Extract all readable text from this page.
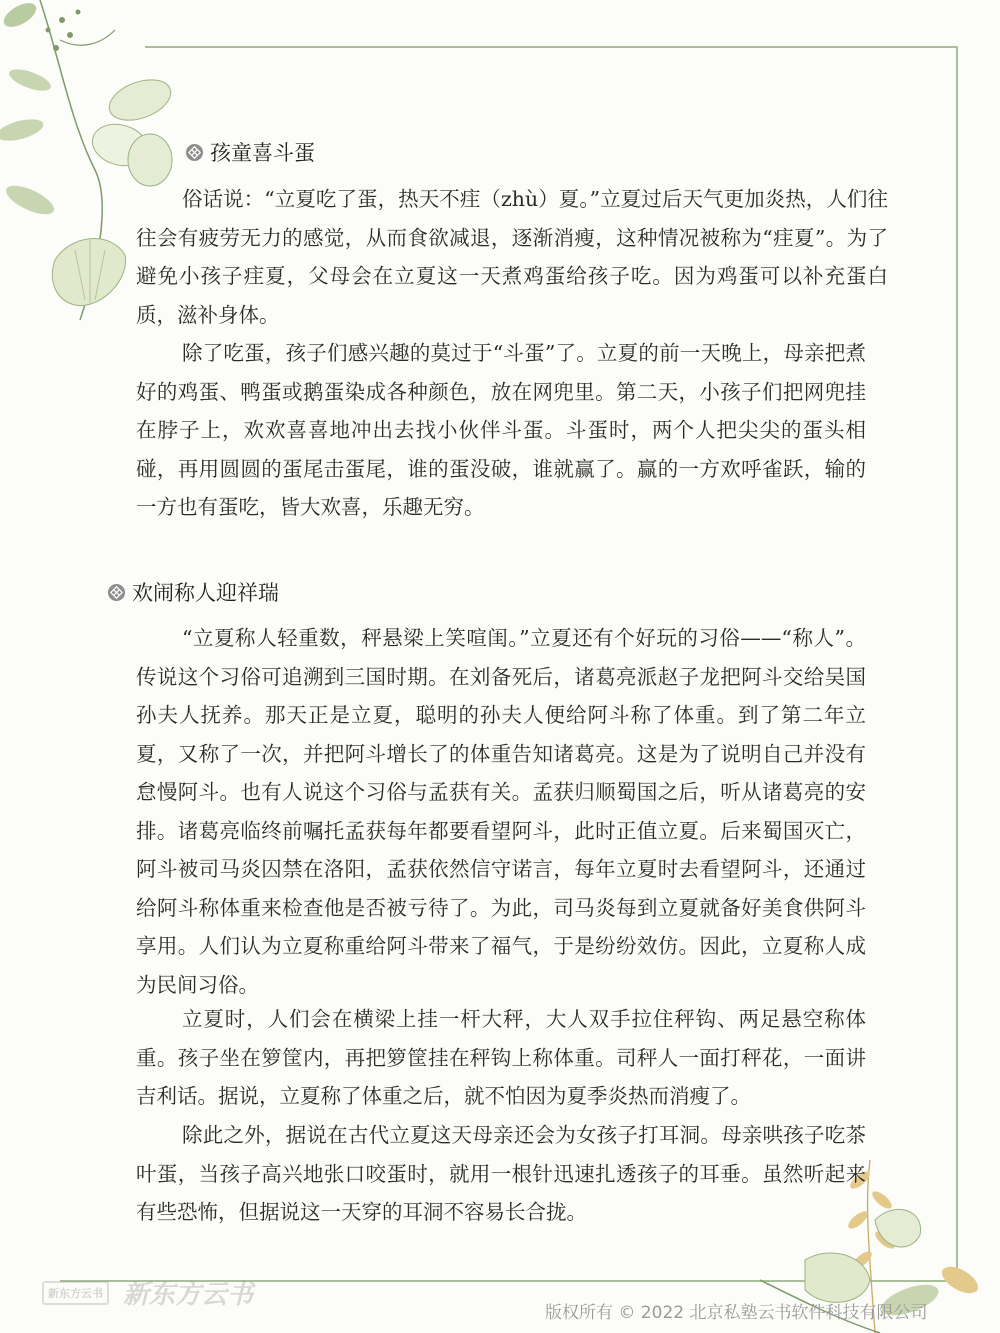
孩童喜斗蛋

俗话说：“立夏吃了蛋，热天不疰（zhù）夏。”立夏过后天气更加炎热，人们往往会有疲劳无力的感觉，从而食欲减退，逐渐消瘦，这种情况被称为“疰夏”。为了避免小孩子疰夏，父母会在立夏这一天煮鸡蛋给孩子吃。因为鸡蛋可以补充蛋白质，滋补身体。

除了吃蛋，孩子们感兴趣的莫过于“斗蛋”了。立夏的前一天晚上，母亲把煮好的鸡蛋、鸭蛋或鹅蛋染成各种颜色，放在网兜里。第二天，小孩子们把网兜挂在脖子上，欢欢喜喜地冲出去找小伙伴斗蛋。斗蛋时，两个人把尖尖的蛋头相碰，再用圆圆的蛋尾击蛋尾，谁的蛋没破，谁就赢了。赢的一方欢呼雀跃，输的一方也有蛋吃，皆大欢喜，乐趣无穷。

欢闹称人迎祥瑞

“立夏称人轻重数，秤悬梁上笑喧闺。”立夏还有个好玩的习俗——“称人”。传说这个习俗可追溯到三国时期。在刘备死后，诸葛亮派赵子龙把阿斗交给吴国孙夫人抚养。那天正是立夏，聪明的孙夫人便给阿斗称了体重。到了第二年立夏，又称了一次，并把阿斗增长了的体重告知诸葛亮。这是为了说明自己并没有怠慢阿斗。也有人说这个习俗与孟获有关。孟获归顺蜀国之后，听从诸葛亮的安排。诸葛亮临终前嘱托孟获每年都要看望阿斗，此时正值立夏。后来蜀国灭亡，阿斗被司马炎囚禁在洛阳，孟获依然信守诺言，每年立夏时去看望阿斗，还通过给阿斗称体重来检查他是否被亏待了。为此，司马炎每到立夏就备好美食供阿斗享用。人们认为立夏称重给阿斗带来了福气，于是纷纷效仿。因此，立夏称人成为民间习俗。

立夏时，人们会在横梁上挂一杆大秤，大人双手拉住秤钩、两足悬空称体重。孩子坐在箩筐内，再把箩筐挂在秤钩上称体重。司秤人一面打秤花，一面讲吉利话。据说，立夏称了体重之后，就不怕因为夏季炎热而消瘦了。

除此之外，据说在古代立夏这天母亲还会为女孩子打耳洞。母亲哄孩子吃茶叶蛋，当孩子高兴地张口咬蛋时，就用一根针迅速扎透孩子的耳垂。虽然听起来有些恐怖，但据说这一天穿的耳洞不容易长合拢。

新东方云书 新东方云书
版权所有 © 2022 北京私塾云书软件科技有限公司
